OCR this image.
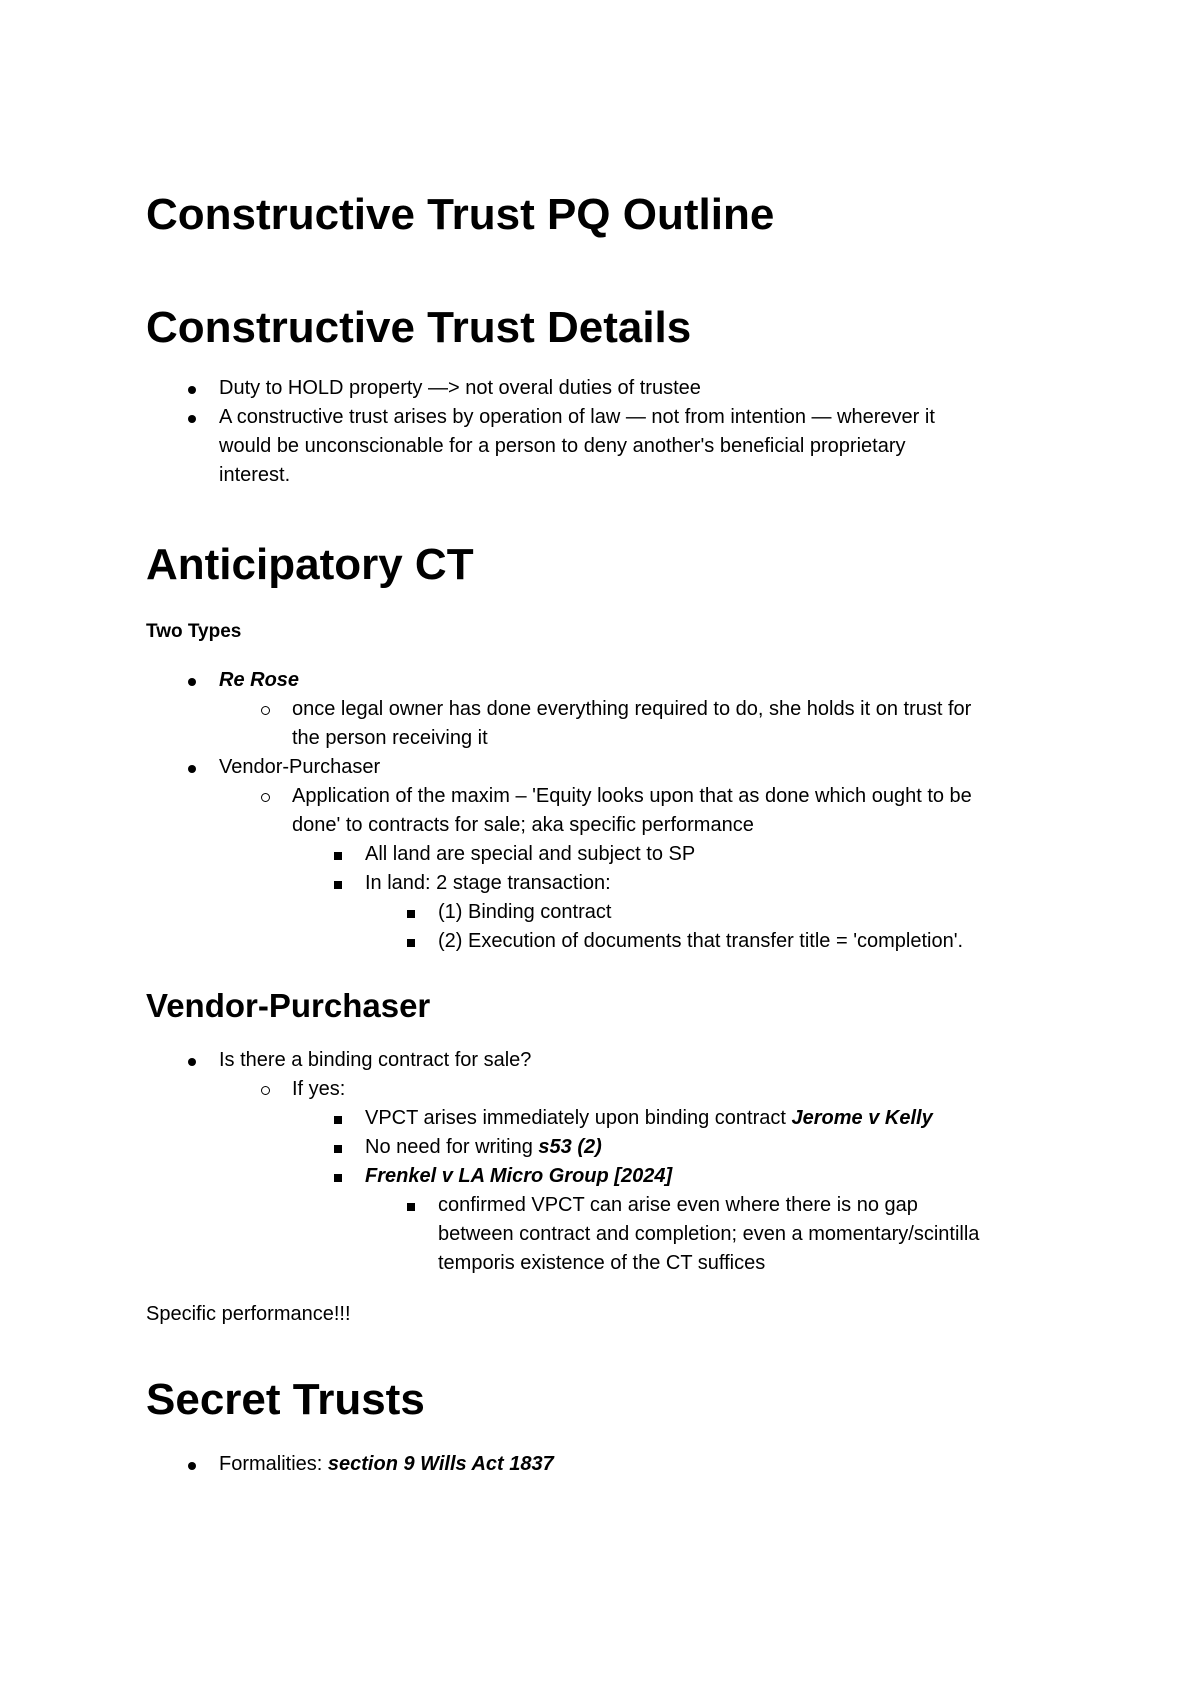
Constructive Trust PQ Outline
Constructive Trust Details
Duty to HOLD property —> not overal duties of trustee
A constructive trust arises by operation of law — not from intention — wherever it
would be unconscionable for a person to deny another's beneficial proprietary
interest.
Anticipatory CT
Two Types
Re Rose
once legal owner has done everything required to do, she holds it on trust for
the person receiving it
Vendor-Purchaser
Application of the maxim – 'Equity looks upon that as done which ought to be
done' to contracts for sale; aka specific performance
All land are special and subject to SP
In land: 2 stage transaction:
(1) Binding contract
(2) Execution of documents that transfer title = 'completion'.
Vendor-Purchaser
Is there a binding contract for sale?
If yes:
VPCT arises immediately upon binding contract Jerome v Kelly
No need for writing s53 (2)
Frenkel v LA Micro Group [2024]
confirmed VPCT can arise even where there is no gap
between contract and completion; even a momentary/scintilla
temporis existence of the CT suffices
Specific performance!!!
Secret Trusts
Formalities: section 9 Wills Act 1837
